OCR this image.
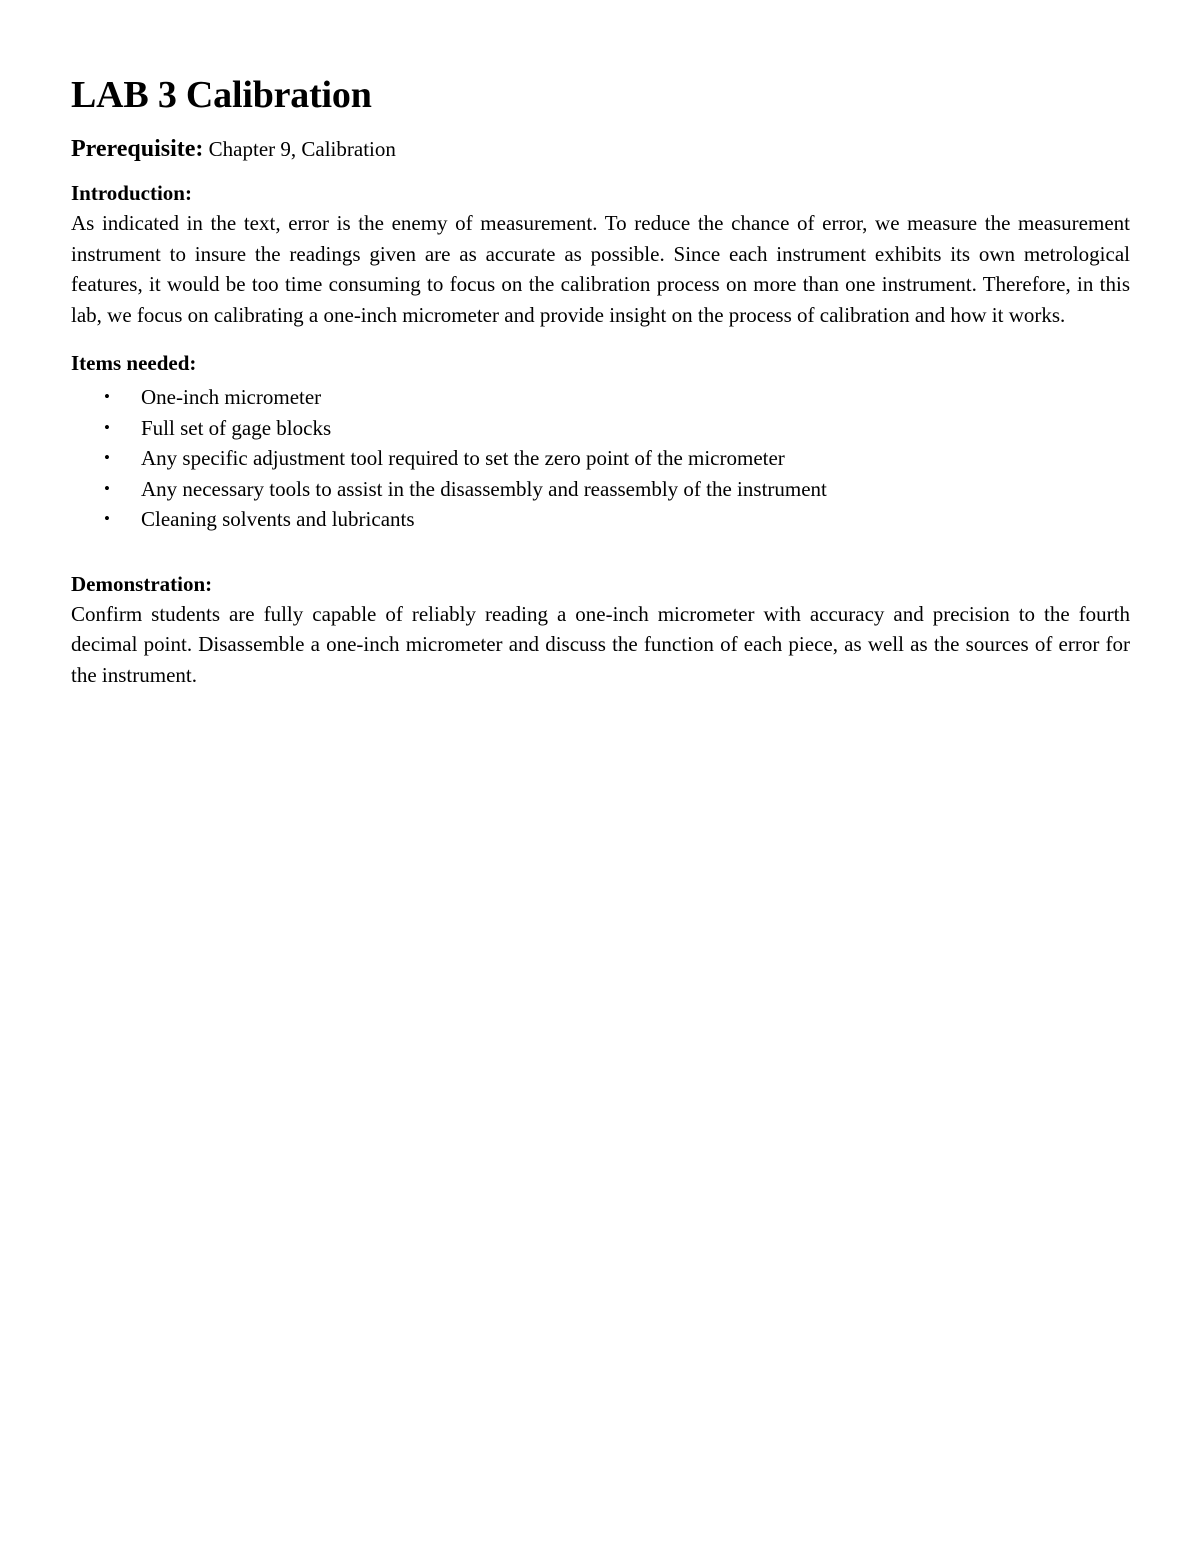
LAB 3 Calibration
Prerequisite: Chapter 9, Calibration
Introduction:

As indicated in the text, error is the enemy of measurement. To reduce the chance of error, we measure the measurement instrument to insure the readings given are as accurate as possible. Since each instrument exhibits its own metrological features, it would be too time consuming to focus on the calibration process on more than one instrument. Therefore, in this lab, we focus on calibrating a one-inch micrometer and provide insight on the process of calibration and how it works.

Items needed:
• One-inch micrometer
• Full set of gage blocks
• Any specific adjustment tool required to set the zero point of the micrometer
• Any necessary tools to assist in the disassembly and reassembly of the instrument
• Cleaning solvents and lubricants
Demonstration:

Confirm students are fully capable of reliably reading a one-inch micrometer with accuracy and precision to the fourth decimal point. Disassemble a one-inch micrometer and discuss the function of each piece, as well as the sources of error for the instrument.
